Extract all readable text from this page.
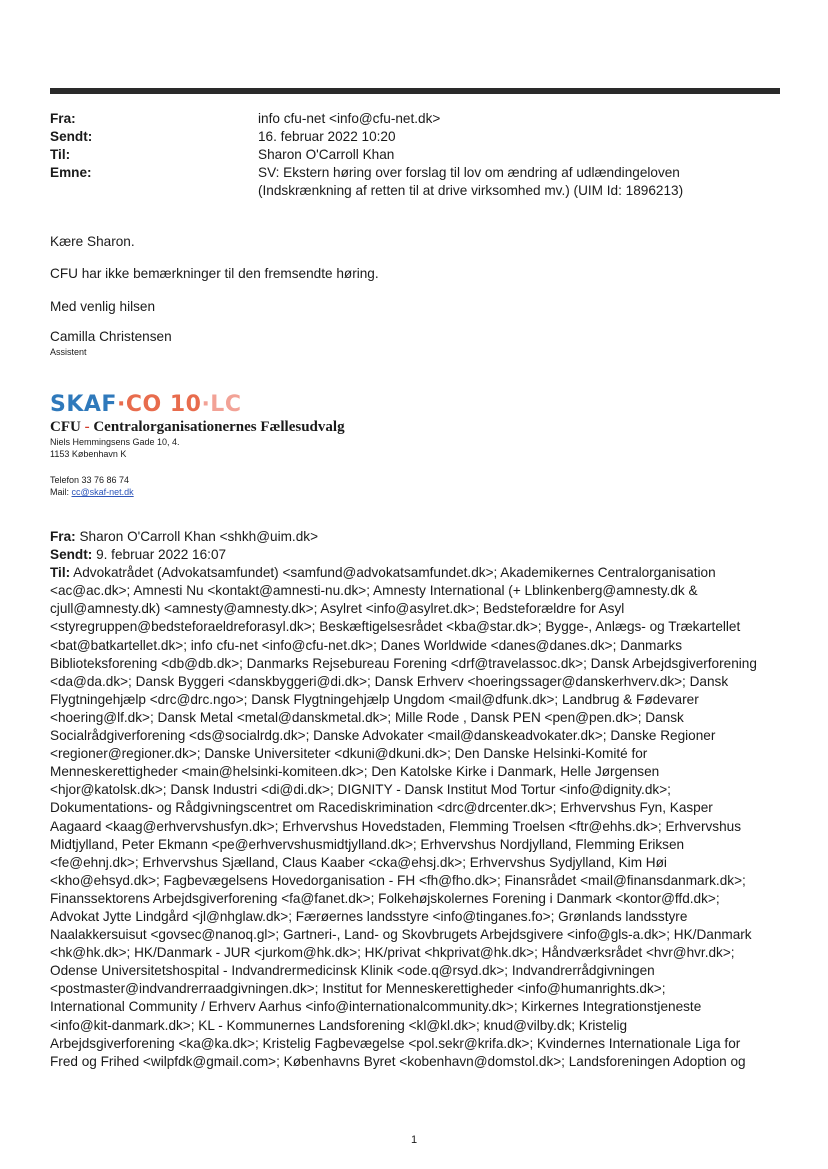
Fra:	info cfu-net <info@cfu-net.dk>
Sendt:	16. februar 2022 10:20
Til:	Sharon O'Carroll Khan
Emne:	SV: Ekstern høring over forslag til lov om ændring af udlændingeloven
(Indskrænkning af retten til at drive virksomhed mv.) (UIM Id: 1896213)

Kære Sharon.

CFU har ikke bemærkninger til den fremsendte høring.

Med venlig hilsen

Camilla Christensen

Assistent
SKAF·CO 10·LC
CFU - Centralorganisationernes Fællesudvalg
Niels Hemmingsens Gade 10, 4.
1153 København K
Telefon 33 76 86 74
Mail: cc@skaf-net.dk

Fra: Sharon O'Carroll Khan <shkh@uim.dk>

Sendt: 9. februar 2022 16:07

Til: Advokatrådet (Advokatsamfundet) <samfund@advokatsamfundet.dk>; Akademikernes Centralorganisation
<ac@ac.dk>; Amnesti Nu <kontakt@amnesti-nu.dk>; Amnesty International (+ Lblinkenberg@amnesty.dk &
cjull@amnesty.dk) <amnesty@amnesty.dk>; Asylret <info@asylret.dk>; Bedsteforældre for Asyl
<styregruppen@bedsteforaeldreforasyl.dk>; Beskæftigelsesrådet <kba@star.dk>; Bygge-, Anlægs- og Trækartellet
<bat@batkartellet.dk>; info cfu-net <info@cfu-net.dk>; Danes Worldwide <danes@danes.dk>; Danmarks
Biblioteksforening <db@db.dk>; Danmarks Rejsebureau Forening <drf@travelassoc.dk>; Dansk Arbejdsgiverforening
<da@da.dk>; Dansk Byggeri <danskbyggeri@di.dk>; Dansk Erhverv <hoeringssager@danskerhverv.dk>; Dansk
Flygtningehjælp <drc@drc.ngo>; Dansk Flygtningehjælp Ungdom <mail@dfunk.dk>; Landbrug & Fødevarer
<hoering@lf.dk>; Dansk Metal <metal@danskmetal.dk>; Mille Rode , Dansk PEN <pen@pen.dk>; Dansk
Socialrådgiverforening <ds@socialrdg.dk>; Danske Advokater <mail@danskeadvokater.dk>; Danske Regioner
<regioner@regioner.dk>; Danske Universiteter <dkuni@dkuni.dk>; Den Danske Helsinki-Komité for
Menneskerettigheder <main@helsinki-komiteen.dk>; Den Katolske Kirke i Danmark, Helle Jørgensen
<hjor@katolsk.dk>; Dansk Industri <di@di.dk>; DIGNITY - Dansk Institut Mod Tortur <info@dignity.dk>;
Dokumentations- og Rådgivningscentret om Racediskrimination <drc@drcenter.dk>; Erhvervshus Fyn, Kasper
Aagaard <kaag@erhvervshusfyn.dk>; Erhvervshus Hovedstaden, Flemming Troelsen <ftr@ehhs.dk>; Erhvervshus
Midtjylland, Peter Ekmann <pe@erhvervshusmidtjylland.dk>; Erhvervshus Nordjylland, Flemming Eriksen
<fe@ehnj.dk>; Erhvervshus Sjælland, Claus Kaaber <cka@ehsj.dk>; Erhvervshus Sydjylland, Kim Høi
<kho@ehsyd.dk>; Fagbevægelsens Hovedorganisation - FH <fh@fho.dk>; Finansrådet <mail@finansdanmark.dk>;
Finanssektorens Arbejdsgiverforening <fa@fanet.dk>; Folkehøjskolernes Forening i Danmark <kontor@ffd.dk>;
Advokat Jytte Lindgård <jl@nhglaw.dk>; Færøernes landsstyre <info@tinganes.fo>; Grønlands landsstyre
Naalakkersuisut <govsec@nanoq.gl>; Gartneri-, Land- og Skovbrugets Arbejdsgivere <info@gls-a.dk>; HK/Danmark
<hk@hk.dk>; HK/Danmark - JUR <jurkom@hk.dk>; HK/privat <hkprivat@hk.dk>; Håndværksrådet <hvr@hvr.dk>;
Odense Universitetshospital - Indvandrermedicinsk Klinik <ode.q@rsyd.dk>; Indvandrerrådgivningen
<postmaster@indvandrerraadgivningen.dk>; Institut for Menneskerettigheder <info@humanrights.dk>;
International Community / Erhverv Aarhus <info@internationalcommunity.dk>; Kirkernes Integrationstjeneste
<info@kit-danmark.dk>; KL - Kommunernes Landsforening <kl@kl.dk>; knud@vilby.dk; Kristelig
Arbejdsgiverforening <ka@ka.dk>; Kristelig Fagbevægelse <pol.sekr@krifa.dk>; Kvindernes Internationale Liga for
Fred og Frihed <wilpfdk@gmail.com>; Københavns Byret <kobenhavn@domstol.dk>; Landsforeningen Adoption og
1
